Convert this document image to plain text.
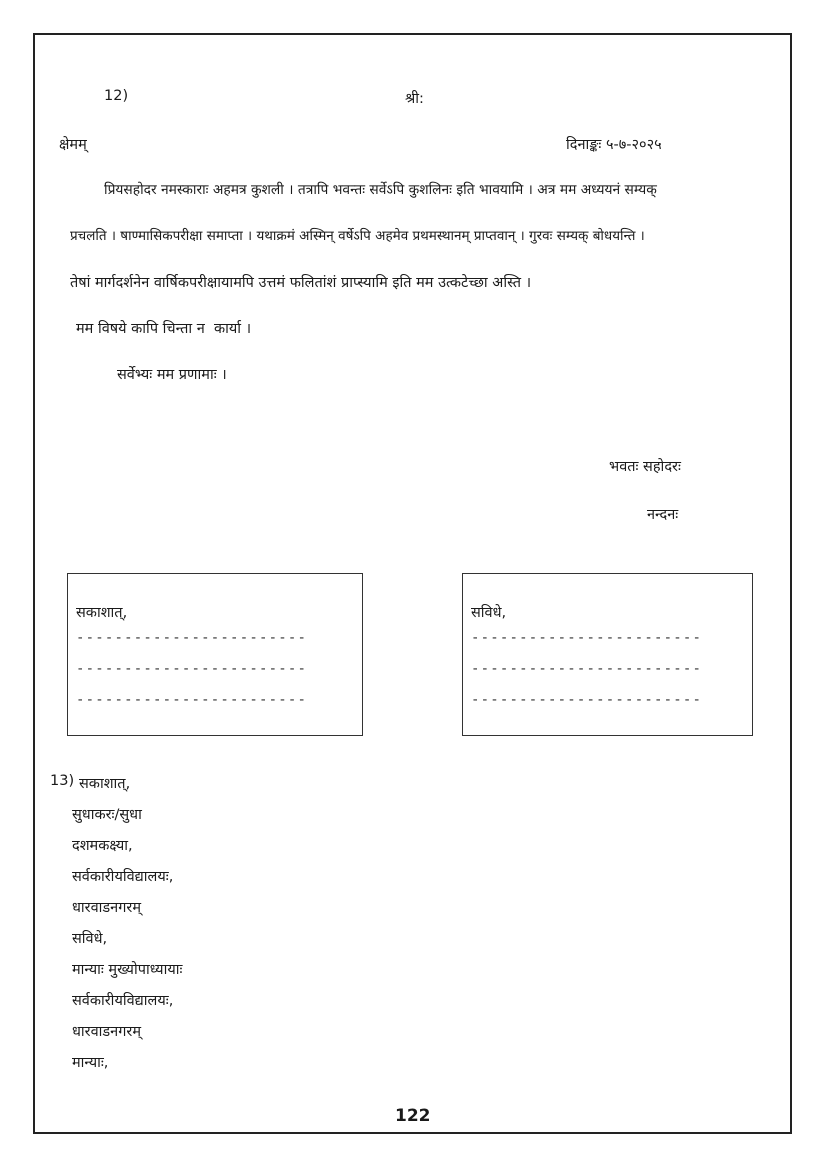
12)	श्री:
क्षेमम्	दिनाङ्कः ५-७-२०२५
प्रियसहोदर नमस्काराः अहमत्र कुशली । तत्रापि भवन्तः सर्वेऽपि कुशलिनः इति भावयामि । अत्र मम अध्ययनं सम्यक्
प्रचलति । षाण्मासिकपरीक्षा समाप्ता । यथाक्रमं अस्मिन् वर्षेऽपि अहमेव प्रथमस्थानम् प्राप्तवान् । गुरवः सम्यक् बोधयन्ति ।
तेषां मार्गदर्शनेन वार्षिकपरीक्षायामपि उत्तमं फलितांशं प्राप्स्यामि इति मम उत्कटेच्छा अस्ति ।
मम विषये कापि चिन्ता न  कार्या ।
सर्वेभ्यः मम प्रणामाः ।
भवतः सहोदरः
नन्दनः
सकाशात्,
------------------------
------------------------
------------------------
सविधे,
------------------------
------------------------
------------------------
13) सकाशात्,
सुधाकरः/सुधा
दशमकक्ष्या,
सर्वकारीयविद्यालयः,
धारवाडनगरम्
सविधे,
मान्याः मुख्योपाध्यायाः
सर्वकारीयविद्यालयः,
धारवाडनगरम्
मान्याः,
122
